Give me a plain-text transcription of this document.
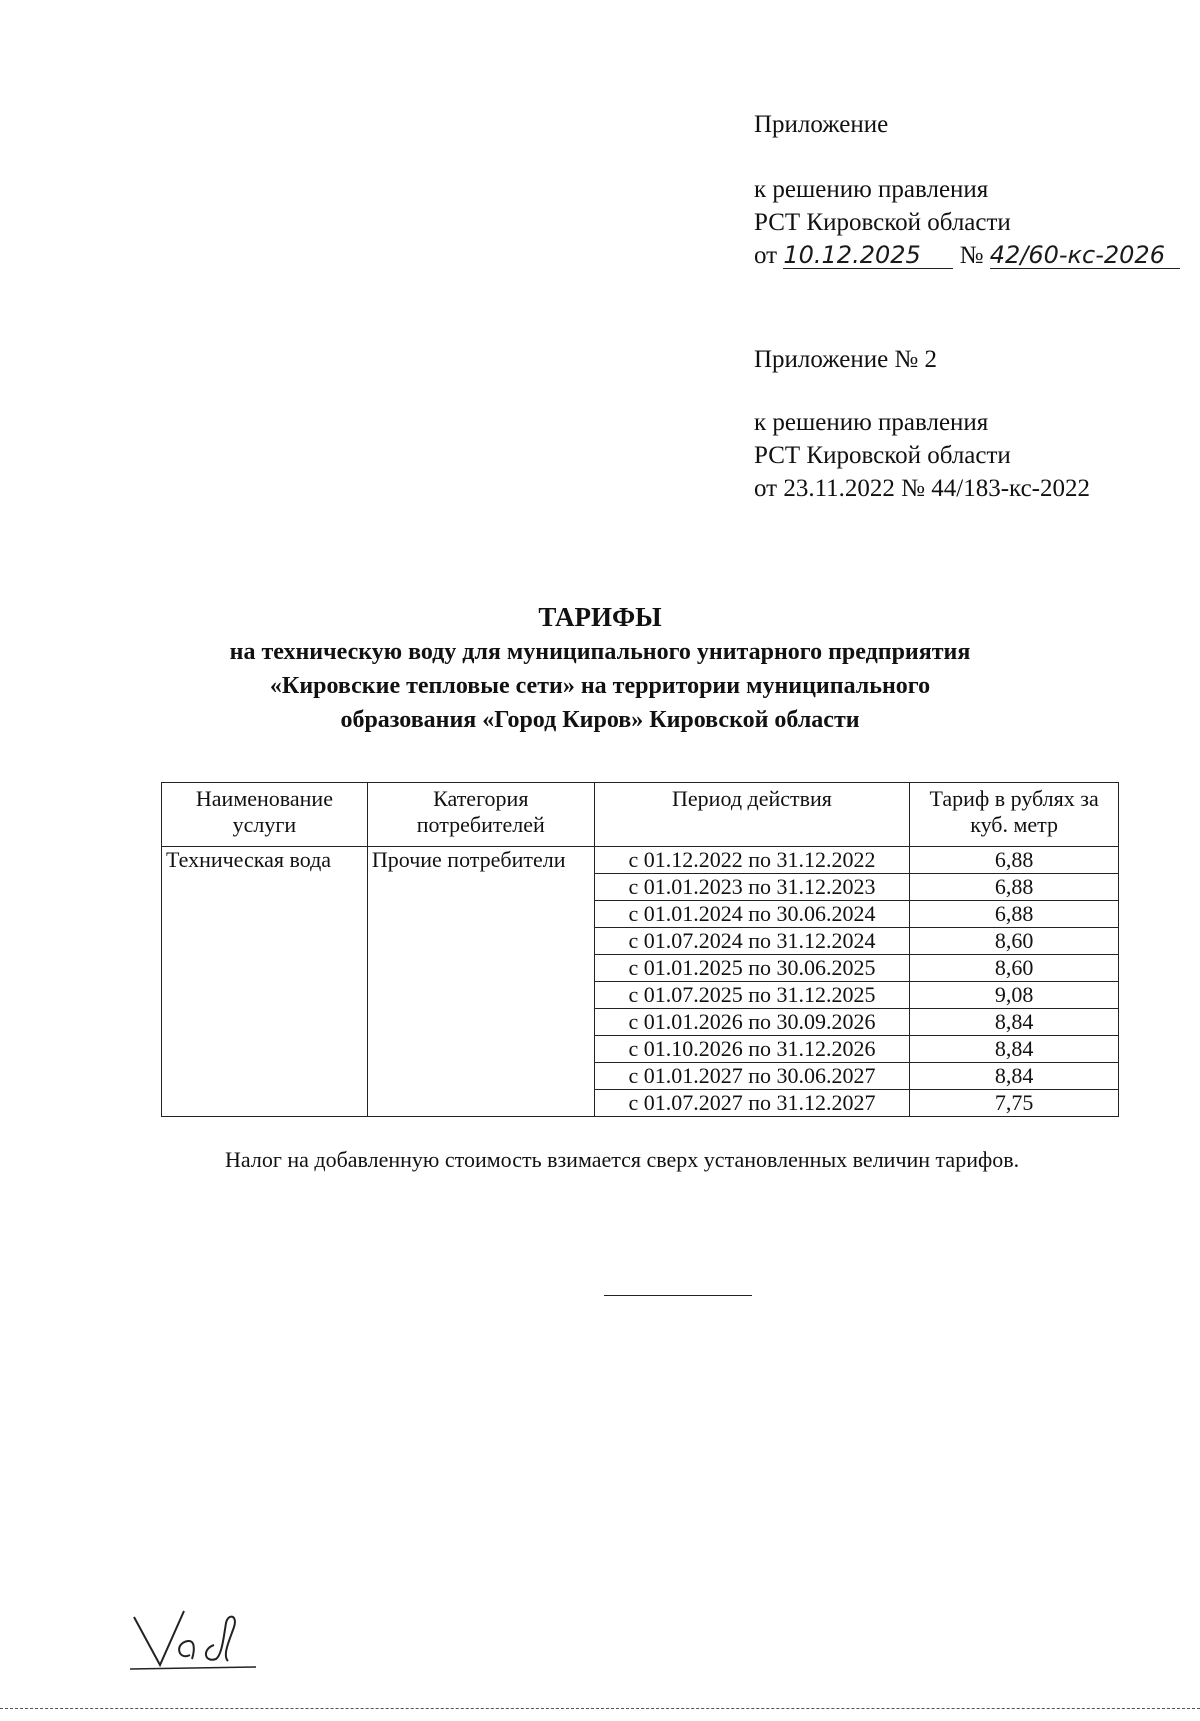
Приложение
к решению правления
РСТ Кировской области
от 10.12.2025 № 42/60-кс-2026
Приложение № 2
к решению правления
РСТ Кировской области
от 23.11.2022 № 44/183-кс-2022
ТАРИФЫ
на техническую воду для муниципального унитарного предприятия
«Кировские тепловые сети» на территории муниципального
образования «Город Киров» Кировской области
Наименование услуги	Категория потребителей	Период действия	Тариф в рублях за куб. метр
Техническая вода	Прочие потребители	с 01.12.2022 по 31.12.2022	6,88
		с 01.01.2023 по 31.12.2023	6,88
		с 01.01.2024 по 30.06.2024	6,88
		с 01.07.2024 по 31.12.2024	8,60
		с 01.01.2025 по 30.06.2025	8,60
		с 01.07.2025 по 31.12.2025	9,08
		с 01.01.2026 по 30.09.2026	8,84
		с 01.10.2026 по 31.12.2026	8,84
		с 01.01.2027 по 30.06.2027	8,84
		с 01.07.2027 по 31.12.2027	7,75
Налог на добавленную стоимость взимается сверх установленных величин тарифов.
